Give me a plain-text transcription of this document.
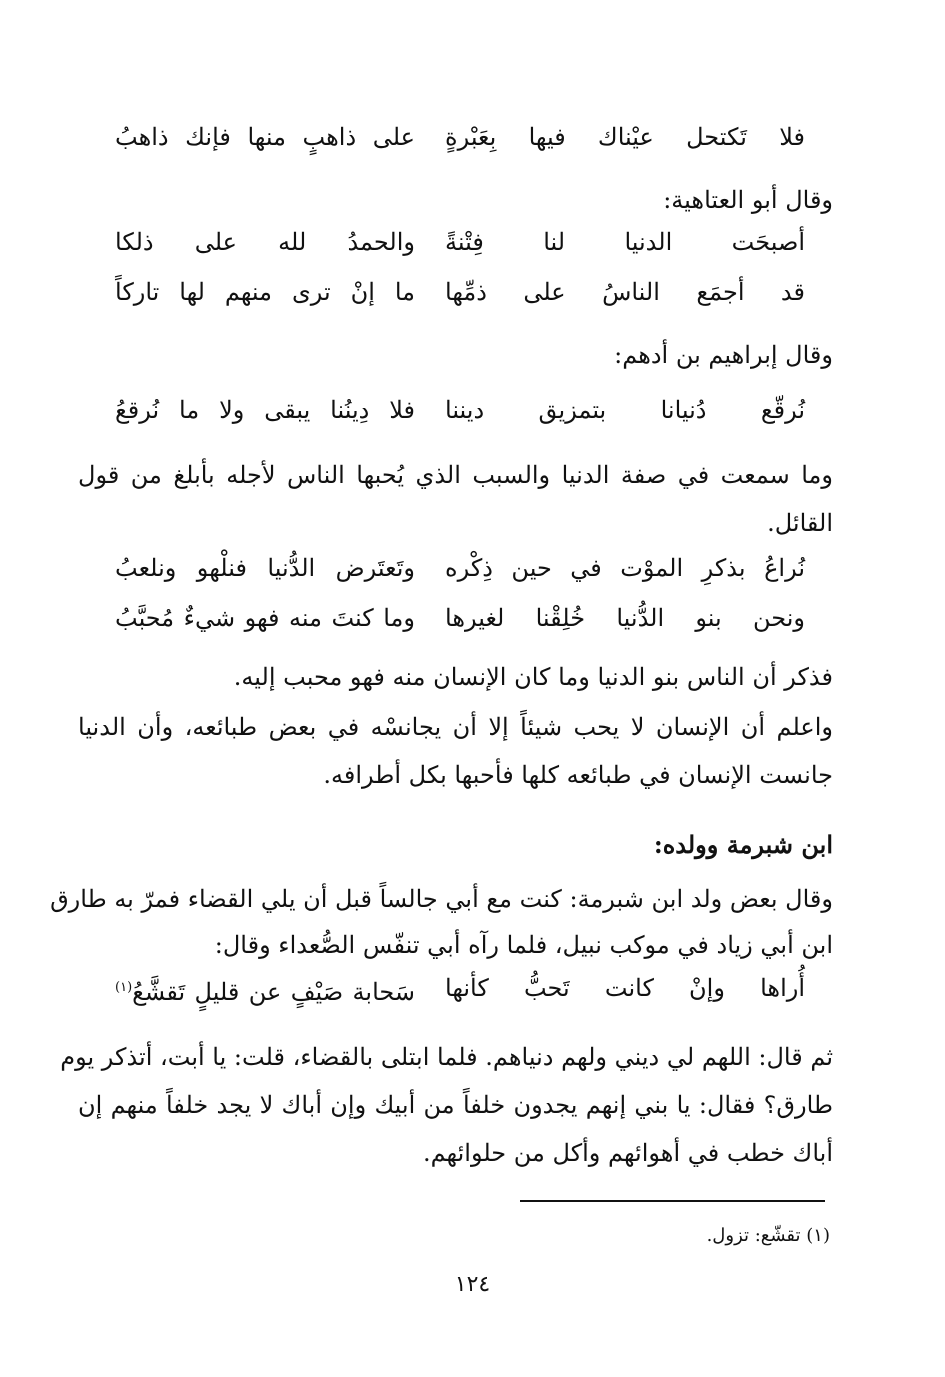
فلا تَكتحل عيْناك فيها بِعَبْرةٍ
على ذاهبٍ منها فإنك ذاهبُ
وقال أبو العتاهية:
أصبحَت الدنيا لنا فِتْنةً
والحمدُ لله على ذلكا
قد أجمَع الناسُ على ذمِّها
ما إنْ ترى منهم لها تاركاً
وقال إبراهيم بن أدهم:
نُرقّع دُنيانا بتمزيق ديننا
فلا دِينُنا يبقى ولا ما نُرقعُ
وما سمعت في صفة الدنيا والسبب الذي يُحبها الناس لأجله بأبلغ من قول
القائل.
نُراعُ بذكرِ الموْت في حين ذِكْره
وتَعتَرض الدُّنيا فنلْهو ونلعبُ
ونحن بنو الدُّنيا خُلِقْنا لغيرها
وما كنتَ منه فهو شيءٌ مُحبَّبُ
فذكر أن الناس بنو الدنيا وما كان الإنسان منه فهو محبب إليه.
واعلم أن الإنسان لا يحب شيئاً إلا أن يجانسْه في بعض طبائعه، وأن الدنيا
جانست الإنسان في طبائعه كلها فأحبها بكل أطرافه.
ابن شبرمة وولده:
وقال بعض ولد ابن شبرمة: كنت مع أبي جالساً قبل أن يلي القضاء فمرّ به طارق
ابن أبي زياد في موكب نبيل، فلما رآه أبي تنفّس الصُّعداء وقال:
أُراها وإنْ كانت تَحبُّ كأنها
سَحابة صَيْفٍ عن قليلٍ تَقشَّعُ$^{(١)}$
ثم قال: اللهم لي ديني ولهم دنياهم. فلما ابتلى بالقضاء، قلت: يا أبت، أتذكر يوم
طارق؟ فقال: يا بني إنهم يجدون خلفاً من أبيك وإن أباك لا يجد خلفاً منهم إن
أباك خطب في أهوائهم وأكل من حلوائهم.
(١) تقشّع: تزول.
١٢٤
